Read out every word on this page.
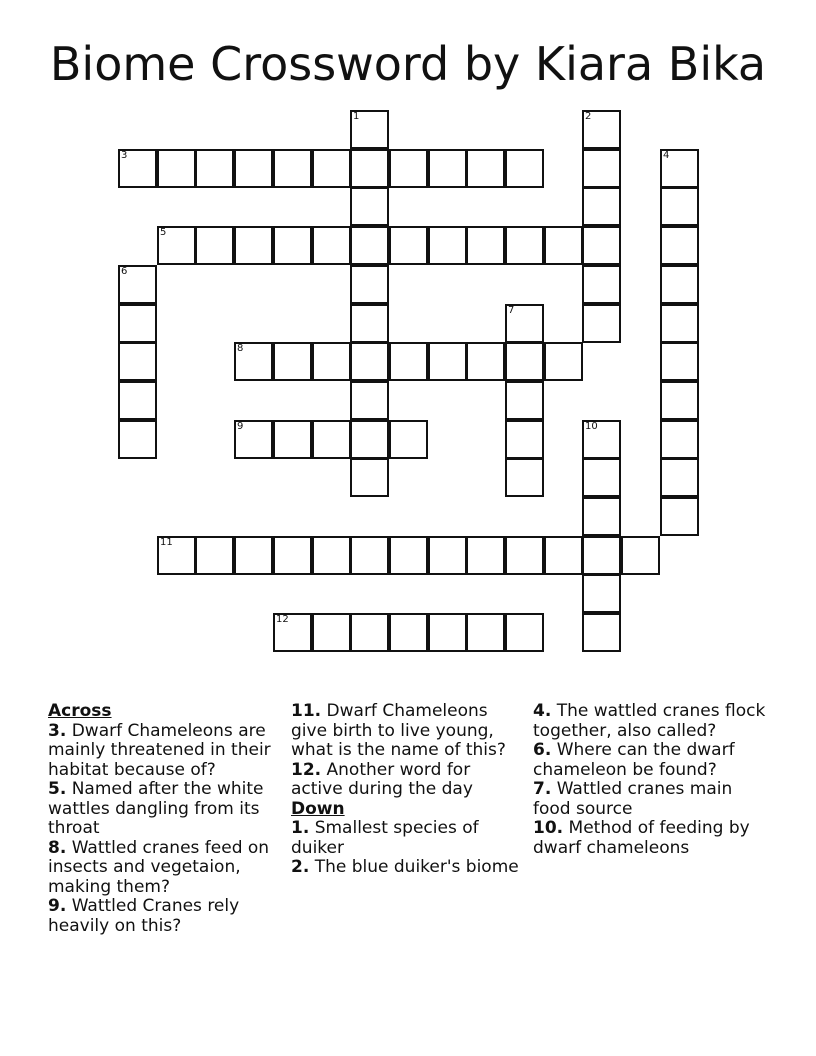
Biome Crossword by Kiara Bika
1	2
3	4
5
6
7
8
9	10
11
12
Across
3. Dwarf Chameleons are mainly threatened in their habitat because of?
5. Named after the white wattles dangling from its throat
8. Wattled cranes feed on insects and vegetaion, making them?
9. Wattled Cranes rely heavily on this?
11. Dwarf Chameleons give birth to live young, what is the name of this?
12. Another word for active during the day
Down
1. Smallest species of duiker
2. The blue duiker's biome
4. The wattled cranes flock together, also called?
6. Where can the dwarf chameleon be found?
7. Wattled cranes main food source
10. Method of feeding by dwarf chameleons
